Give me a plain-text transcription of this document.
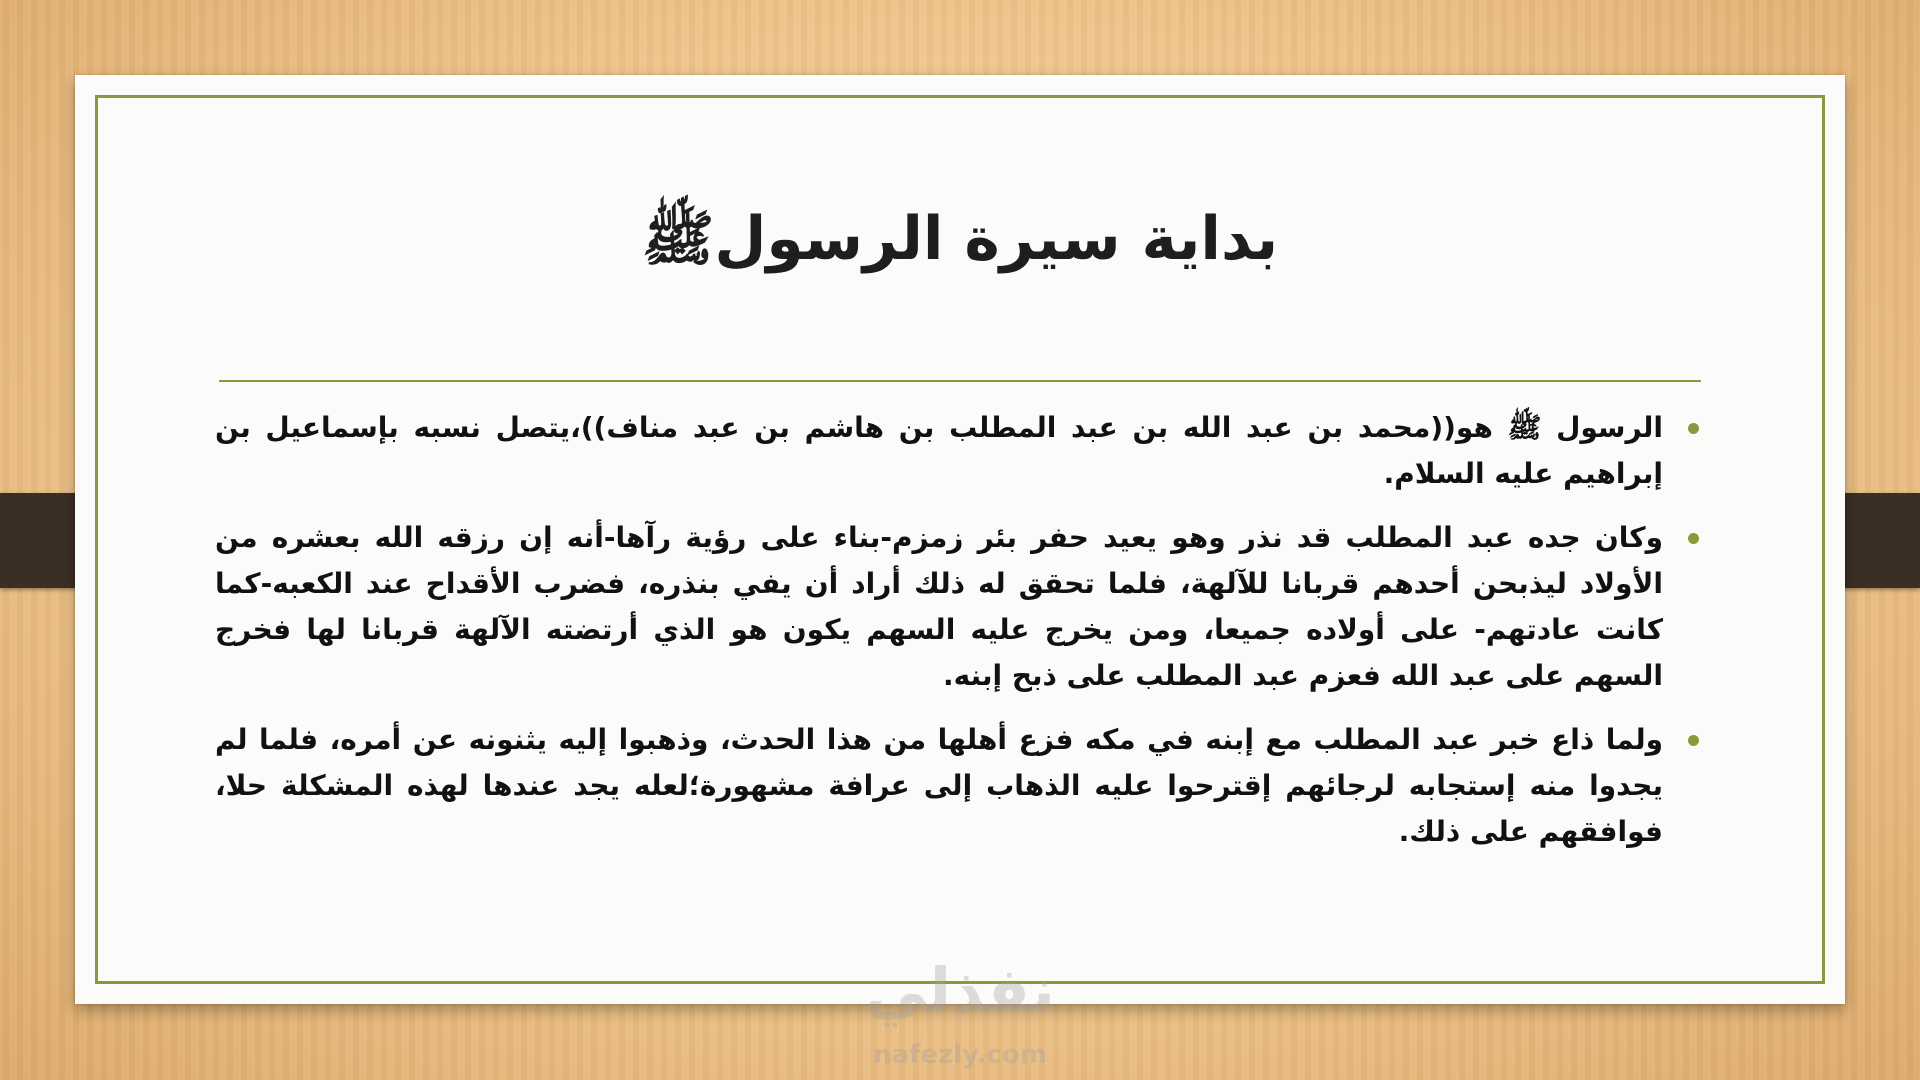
بداية سيرة الرسولﷺ
الرسول ﷺ هو((محمد بن عبد الله بن عبد المطلب بن هاشم بن عبد مناف))،يتصل نسبه بإسماعيل بن إبراهيم عليه السلام.
وكان جده عبد المطلب قد نذر وهو يعيد حفر بئر زمزم-بناء على رؤية رآها-أنه إن رزقه الله بعشره من الأولاد ليذبحن أحدهم قربانا للآلهة، فلما تحقق له ذلك أراد أن يفي بنذره، فضرب الأقداح عند الكعبه-كما كانت عادتهم- على أولاده جميعا، ومن يخرج عليه السهم يكون هو الذي أرتضته الآلهة قربانا لها فخرج السهم على عبد الله فعزم عبد المطلب على ذبح إبنه.
ولما ذاع خبر عبد المطلب مع إبنه في مكه فزع أهلها من هذا الحدث، وذهبوا إليه يثنونه عن أمره، فلما لم يجدوا منه إستجابه لرجائهم إقترحوا عليه الذهاب إلى عرافة مشهورة؛لعله يجد عندها لهذه المشكلة حلا، فوافقهم على ذلك.
نفذلي
nafezly.com
